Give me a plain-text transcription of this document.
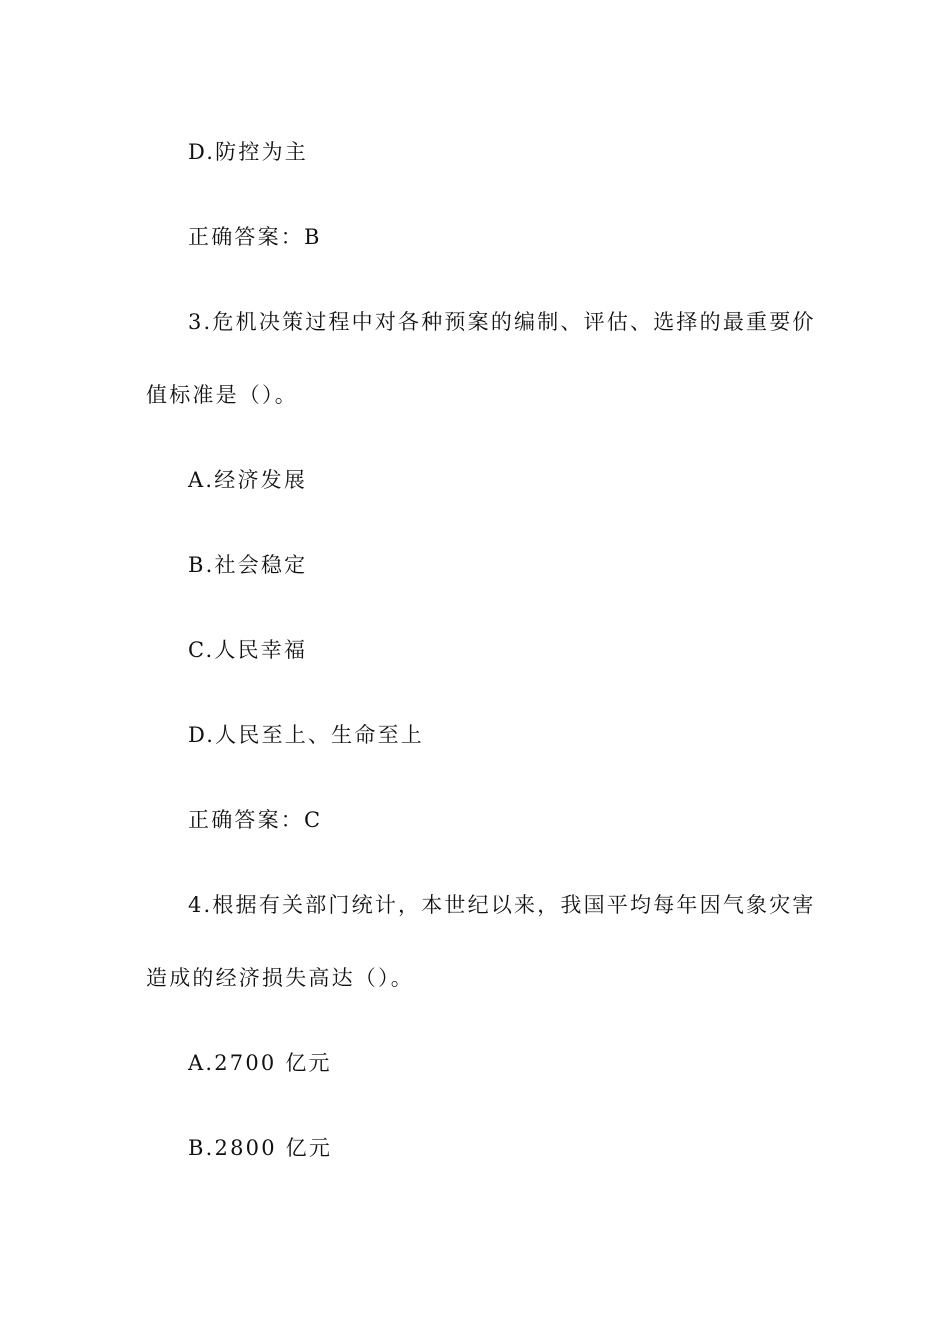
D.防控为主
正确答案：B
3.危机决策过程中对各种预案的编制、评估、选择的最重要价
值标准是（）。
A.经济发展
B.社会稳定
C.人民幸福
D.人民至上、生命至上
正确答案：C
4.根据有关部门统计，本世纪以来，我国平均每年因气象灾害
造成的经济损失高达（）。
A.2700 亿元
B.2800 亿元
